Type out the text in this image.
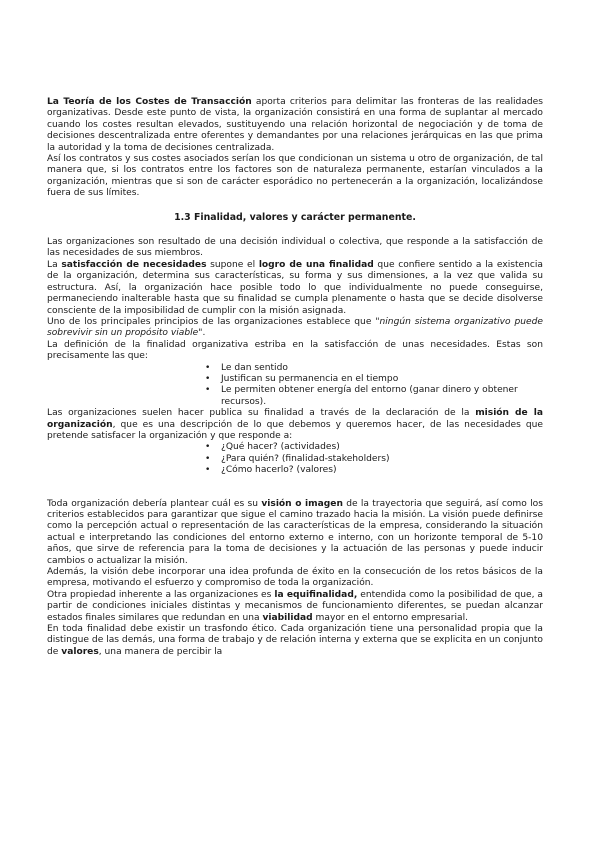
La Teoría de los Costes de Transacción aporta criterios para delimitar las fronteras de las realidades organizativas. Desde este punto de vista, la organización consistirá en una forma de suplantar al mercado cuando los costes resultan elevados, sustituyendo una relación horizontal de negociación y de toma de decisiones descentralizada entre oferentes y demandantes por una relaciones jerárquicas en las que prima la autoridad y la toma de decisiones centralizada.

Así los contratos y sus costes asociados serían los que condicionan un sistema u otro de organización, de tal manera que, si los contratos entre los factores son de naturaleza permanente, estarían vinculados a la organización, mientras que si son de carácter esporádico no pertenecerán a la organización, localizándose fuera de sus límites.

1.3 Finalidad, valores y carácter permanente.

Las organizaciones son resultado de una decisión individual o colectiva, que responde a la satisfacción de las necesidades de sus miembros.

La satisfacción de necesidades supone el logro de una finalidad que confiere sentido a la existencia de la organización, determina sus características, su forma y sus dimensiones, a la vez que valida su estructura. Así, la organización hace posible todo lo que individualmente no puede conseguirse, permaneciendo inalterable hasta que su finalidad se cumpla plenamente o hasta que se decide disolverse consciente de la imposibilidad de cumplir con la misión asignada.

Uno de los principales principios de las organizaciones establece que "ningún sistema organizativo puede sobrevivir sin un propósito viable".

La definición de la finalidad organizativa estriba en la satisfacción de unas necesidades. Estas son precisamente las que:

• Le dan sentido
• Justifican su permanencia en el tiempo
• Le permiten obtener energía del entorno (ganar dinero y obtener recursos).

Las organizaciones suelen hacer publica su finalidad a través de la declaración de la misión de la organización, que es una descripción de lo que debemos y queremos hacer, de las necesidades que pretende satisfacer la organización y que responde a:

• ¿Qué hacer? (actividades)
• ¿Para quién? (finalidad-stakeholders)
• ¿Cómo hacerlo? (valores)

Toda organización debería plantear cuál es su visión o imagen de la trayectoria que seguirá, así como los criterios establecidos para garantizar que sigue el camino trazado hacia la misión. La visión puede definirse como la percepción actual o representación de las características de la empresa, considerando la situación actual e interpretando las condiciones del entorno externo e interno, con un horizonte temporal de 5-10 años, que sirve de referencia para la toma de decisiones y la actuación de las personas y puede inducir cambios o actualizar la misión.

Además, la visión debe incorporar una idea profunda de éxito en la consecución de los retos básicos de la empresa, motivando el esfuerzo y compromiso de toda la organización.

Otra propiedad inherente a las organizaciones es la equifinalidad, entendida como la posibilidad de que, a partir de condiciones iniciales distintas y mecanismos de funcionamiento diferentes, se puedan alcanzar estados finales similares que redundan en una viabilidad mayor en el entorno empresarial.

En toda finalidad debe existir un trasfondo ético. Cada organización tiene una personalidad propia que la distingue de las demás, una forma de trabajo y de relación interna y externa que se explicita en un conjunto de valores, una manera de percibir la
